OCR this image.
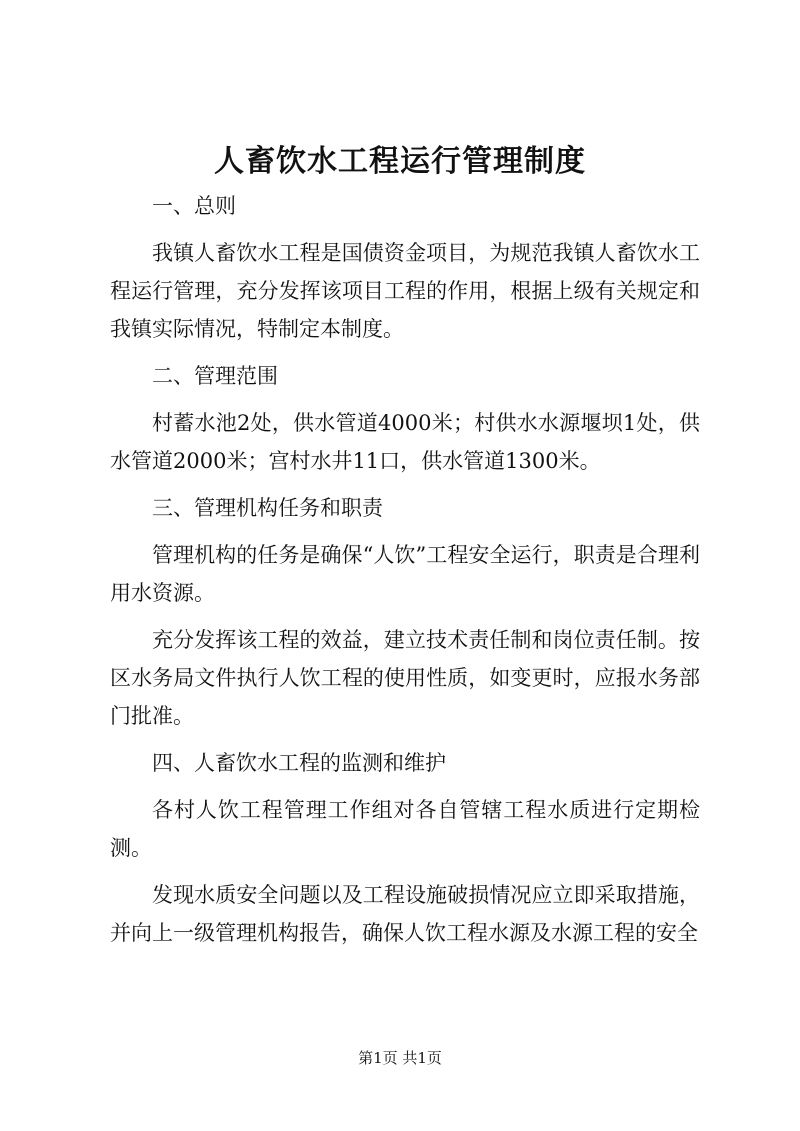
人畜饮水工程运行管理制度

一、总则

我镇人畜饮水工程是国债资金项目，为规范我镇人畜饮水工程运行管理，充分发挥该项目工程的作用，根据上级有关规定和我镇实际情况，特制定本制度。

二、管理范围

村蓄水池2处，供水管道4000米；村供水水源堰坝1处，供水管道2000米；宫村水井11口，供水管道1300米。

三、管理机构任务和职责

管理机构的任务是确保“人饮”工程安全运行，职责是合理利用水资源。

充分发挥该工程的效益，建立技术责任制和岗位责任制。按区水务局文件执行人饮工程的使用性质，如变更时，应报水务部门批准。

四、人畜饮水工程的监测和维护

各村人饮工程管理工作组对各自管辖工程水质进行定期检测。

发现水质安全问题以及工程设施破损情况应立即采取措施，并向上一级管理机构报告，确保人饮工程水源及水源工程的安全

第1页 共1页
